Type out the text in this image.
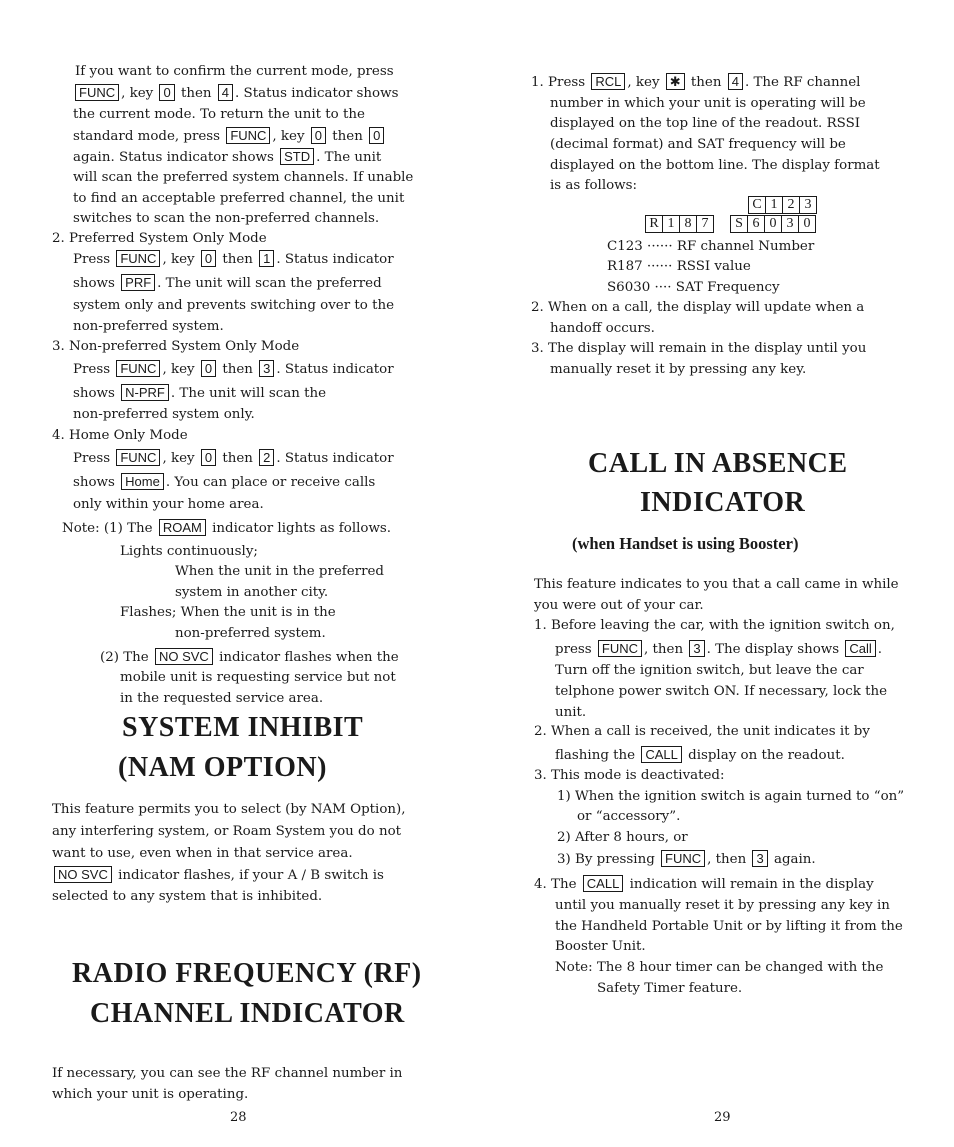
If you want to confirm the current mode, press
FUNC , key 0 then 4 . Status indicator shows
the current mode. To return the unit to the
standard mode, press FUNC , key 0 then 0
again. Status indicator shows STD . The unit
will scan the preferred system channels. If unable
to find an acceptable preferred channel, the unit
switches to scan the non-preferred channels.
2. Preferred System Only Mode
Press FUNC , key 0 then 1 . Status indicator
shows PRF . The unit will scan the preferred
system only and prevents switching over to the
non-preferred system.
3. Non-preferred System Only Mode
Press FUNC , key 0 then 3 . Status indicator
shows N-PRF . The unit will scan the
non-preferred system only.
4. Home Only Mode
Press FUNC , key 0 then 2 . Status indicator
shows Home . You can place or receive calls
only within your home area.
Note: (1) The ROAM indicator lights as follows.
Lights continuously;
When the unit in the preferred
system in another city.
Flashes; When the unit is in the
non-preferred system.
(2) The NO SVC indicator flashes when the
mobile unit is requesting service but not
in the requested service area.
This feature permits you to select (by NAM Option),
any interfering system, or Roam System you do not
want to use, even when in that service area.
NO SVC indicator flashes, if your A / B switch is
selected to any system that is inhibited.
If necessary, you can see the RF channel number in
which your unit is operating.
1. Press RCL , key ✱ then 4 . The RF channel
number in which your unit is operating will be
displayed on the top line of the readout. RSSI
(decimal format) and SAT frequency will be
displayed on the bottom line. The display format
is as follows:
C123 ······ RF channel Number
R187 ······ RSSI value
S6030 ···· SAT Frequency
2. When on a call, the display will update when a
handoff occurs.
3. The display will remain in the display until you
manually reset it by pressing any key.
This feature indicates to you that a call came in while
you were out of your car.
1. Before leaving the car, with the ignition switch on,
press FUNC , then 3 . The display shows Call .
Turn off the ignition switch, but leave the car
telphone power switch ON. If necessary, lock the
unit.
2. When a call is received, the unit indicates it by
flashing the CALL display on the readout.
3. This mode is deactivated:
1) When the ignition switch is again turned to “on”
or “accessory”.
2) After 8 hours, or
3) By pressing FUNC , then 3 again.
4. The CALL indication will remain in the display
until you manually reset it by pressing any key in
the Handheld Portable Unit or by lifting it from the
Booster Unit.
Note: The 8 hour timer can be changed with the
Safety Timer feature.
SYSTEM INHIBIT
(NAM OPTION)
RADIO FREQUENCY (RF)
CHANNEL INDICATOR
28
CALL IN ABSENCE
INDICATOR
(when Handset is using Booster)
29
C	1	2	3
R	1	8	7		S	6	0	3	0
